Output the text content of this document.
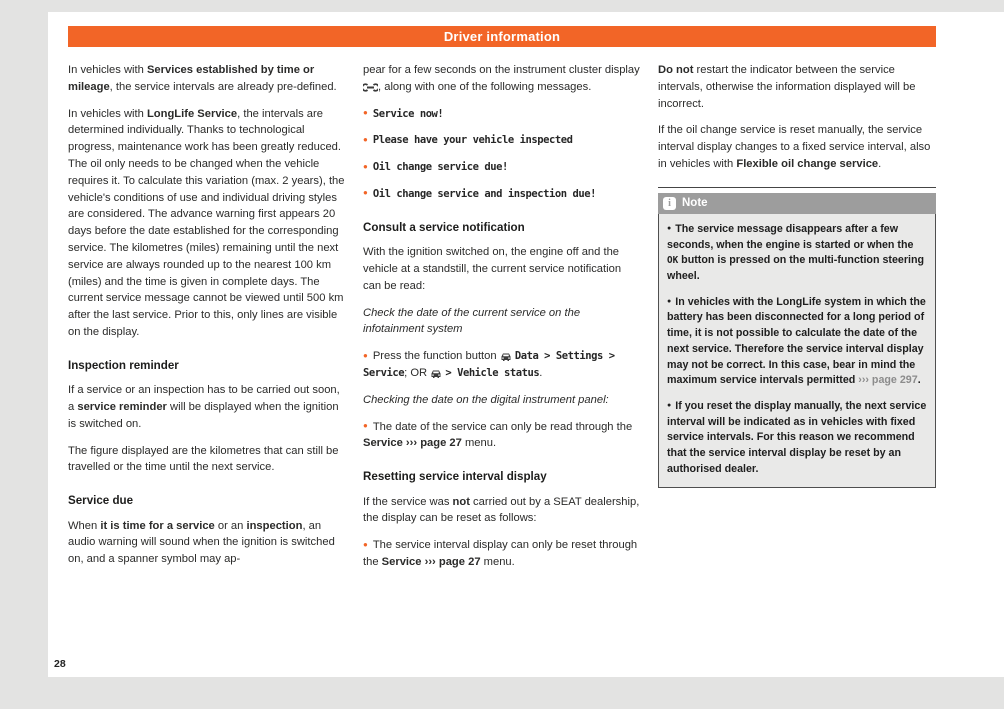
Driver information

In vehicles with Services established by time or mileage, the service intervals are already pre-defined.

In vehicles with LongLife Service, the intervals are determined individually. Thanks to technological progress, maintenance work has been greatly reduced. The oil only needs to be changed when the vehicle requires it. To calculate this variation (max. 2 years), the vehicle's conditions of use and individual driving styles are considered. The advance warning first appears 20 days before the date established for the corresponding service. The kilometres (miles) remaining until the next service are always rounded up to the nearest 100 km (miles) and the time is given in complete days. The current service message cannot be viewed until 500 km after the last service. Prior to this, only lines are visible on the display.

Inspection reminder

If a service or an inspection has to be carried out soon, a service reminder will be displayed when the ignition is switched on.

The figure displayed are the kilometres that can still be travelled or the time until the next service.

Service due

When it is time for a service or an inspection, an audio warning will sound when the ignition is switched on, and a spanner symbol may ap-

pear for a few seconds on the instrument cluster display , along with one of the following messages.

● Service now!

● Please have your vehicle inspected

● Oil change service due!

● Oil change service and inspection due!

Consult a service notification

With the ignition switched on, the engine off and the vehicle at a standstill, the current service notification can be read:

Check the date of the current service on the infotainment system

● Press the function button  Data > Settings > Service; OR  > Vehicle status.

Checking the date on the digital instrument panel:

● The date of the service can only be read through the Service ››› page 27 menu.

Resetting service interval display

If the service was not carried out by a SEAT dealership, the display can be reset as follows:

● The service interval display can only be reset through the Service ››› page 27 menu.

Do not restart the indicator between the service intervals, otherwise the information displayed will be incorrect.

If the oil change service is reset manually, the service interval display changes to a fixed service interval, also in vehicles with Flexible oil change service.

i Note

● The service message disappears after a few seconds, when the engine is started or when the OK button is pressed on the multi-function steering wheel.

● In vehicles with the LongLife system in which the battery has been disconnected for a long period of time, it is not possible to calculate the date of the next service. Therefore the service interval display may not be correct. In this case, bear in mind the maximum service intervals permitted ››› page 297.

● If you reset the display manually, the next service interval will be indicated as in vehicles with fixed service intervals. For this reason we recommend that the service interval display be reset by an authorised dealer.

28
